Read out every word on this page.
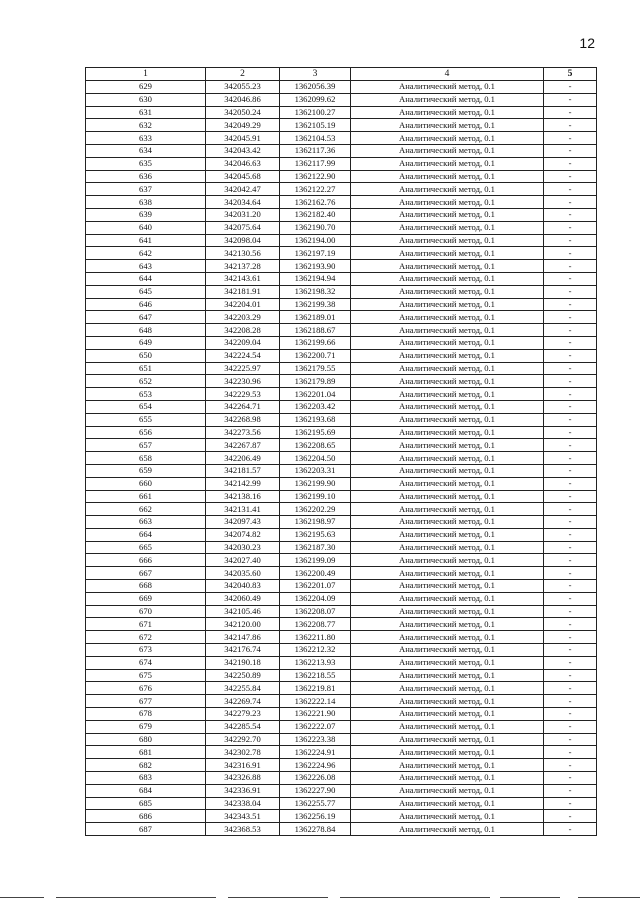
12
1	2	3	4	5
629	342055.23	1362056.39	Аналитический метод, 0.1	-
630	342046.86	1362099.62	Аналитический метод, 0.1	-
631	342050.24	1362100.27	Аналитический метод, 0.1	-
632	342049.29	1362105.19	Аналитический метод, 0.1	-
633	342045.91	1362104.53	Аналитический метод, 0.1	-
634	342043.42	1362117.36	Аналитический метод, 0.1	-
635	342046.63	1362117.99	Аналитический метод, 0.1	-
636	342045.68	1362122.90	Аналитический метод, 0.1	-
637	342042.47	1362122.27	Аналитический метод, 0.1	-
638	342034.64	1362162.76	Аналитический метод, 0.1	-
639	342031.20	1362182.40	Аналитический метод, 0.1	-
640	342075.64	1362190.70	Аналитический метод, 0.1	-
641	342098.04	1362194.00	Аналитический метод, 0.1	-
642	342130.56	1362197.19	Аналитический метод, 0.1	-
643	342137.28	1362193.90	Аналитический метод, 0.1	-
644	342143.61	1362194.94	Аналитический метод, 0.1	-
645	342181.91	1362198.32	Аналитический метод, 0.1	-
646	342204.01	1362199.38	Аналитический метод, 0.1	-
647	342203.29	1362189.01	Аналитический метод, 0.1	-
648	342208.28	1362188.67	Аналитический метод, 0.1	-
649	342209.04	1362199.66	Аналитический метод, 0.1	-
650	342224.54	1362200.71	Аналитический метод, 0.1	-
651	342225.97	1362179.55	Аналитический метод, 0.1	-
652	342230.96	1362179.89	Аналитический метод, 0.1	-
653	342229.53	1362201.04	Аналитический метод, 0.1	-
654	342264.71	1362203.42	Аналитический метод, 0.1	-
655	342268.98	1362193.68	Аналитический метод, 0.1	-
656	342273.56	1362195.69	Аналитический метод, 0.1	-
657	342267.87	1362208.65	Аналитический метод, 0.1	-
658	342206.49	1362204.50	Аналитический метод, 0.1	-
659	342181.57	1362203.31	Аналитический метод, 0.1	-
660	342142.99	1362199.90	Аналитический метод, 0.1	-
661	342138.16	1362199.10	Аналитический метод, 0.1	-
662	342131.41	1362202.29	Аналитический метод, 0.1	-
663	342097.43	1362198.97	Аналитический метод, 0.1	-
664	342074.82	1362195.63	Аналитический метод, 0.1	-
665	342030.23	1362187.30	Аналитический метод, 0.1	-
666	342027.40	1362199.09	Аналитический метод, 0.1	-
667	342035.60	1362200.49	Аналитический метод, 0.1	-
668	342040.83	1362201.07	Аналитический метод, 0.1	-
669	342060.49	1362204.09	Аналитический метод, 0.1	-
670	342105.46	1362208.07	Аналитический метод, 0.1	-
671	342120.00	1362208.77	Аналитический метод, 0.1	-
672	342147.86	1362211.80	Аналитический метод, 0.1	-
673	342176.74	1362212.32	Аналитический метод, 0.1	-
674	342190.18	1362213.93	Аналитический метод, 0.1	-
675	342250.89	1362218.55	Аналитический метод, 0.1	-
676	342255.84	1362219.81	Аналитический метод, 0.1	-
677	342269.74	1362222.14	Аналитический метод, 0.1	-
678	342279.23	1362221.90	Аналитический метод, 0.1	-
679	342285.54	1362222.07	Аналитический метод, 0.1	-
680	342292.70	1362223.38	Аналитический метод, 0.1	-
681	342302.78	1362224.91	Аналитический метод, 0.1	-
682	342316.91	1362224.96	Аналитический метод, 0.1	-
683	342326.88	1362226.08	Аналитический метод, 0.1	-
684	342336.91	1362227.90	Аналитический метод, 0.1	-
685	342338.04	1362255.77	Аналитический метод, 0.1	-
686	342343.51	1362256.19	Аналитический метод, 0.1	-
687	342368.53	1362278.84	Аналитический метод, 0.1	-
